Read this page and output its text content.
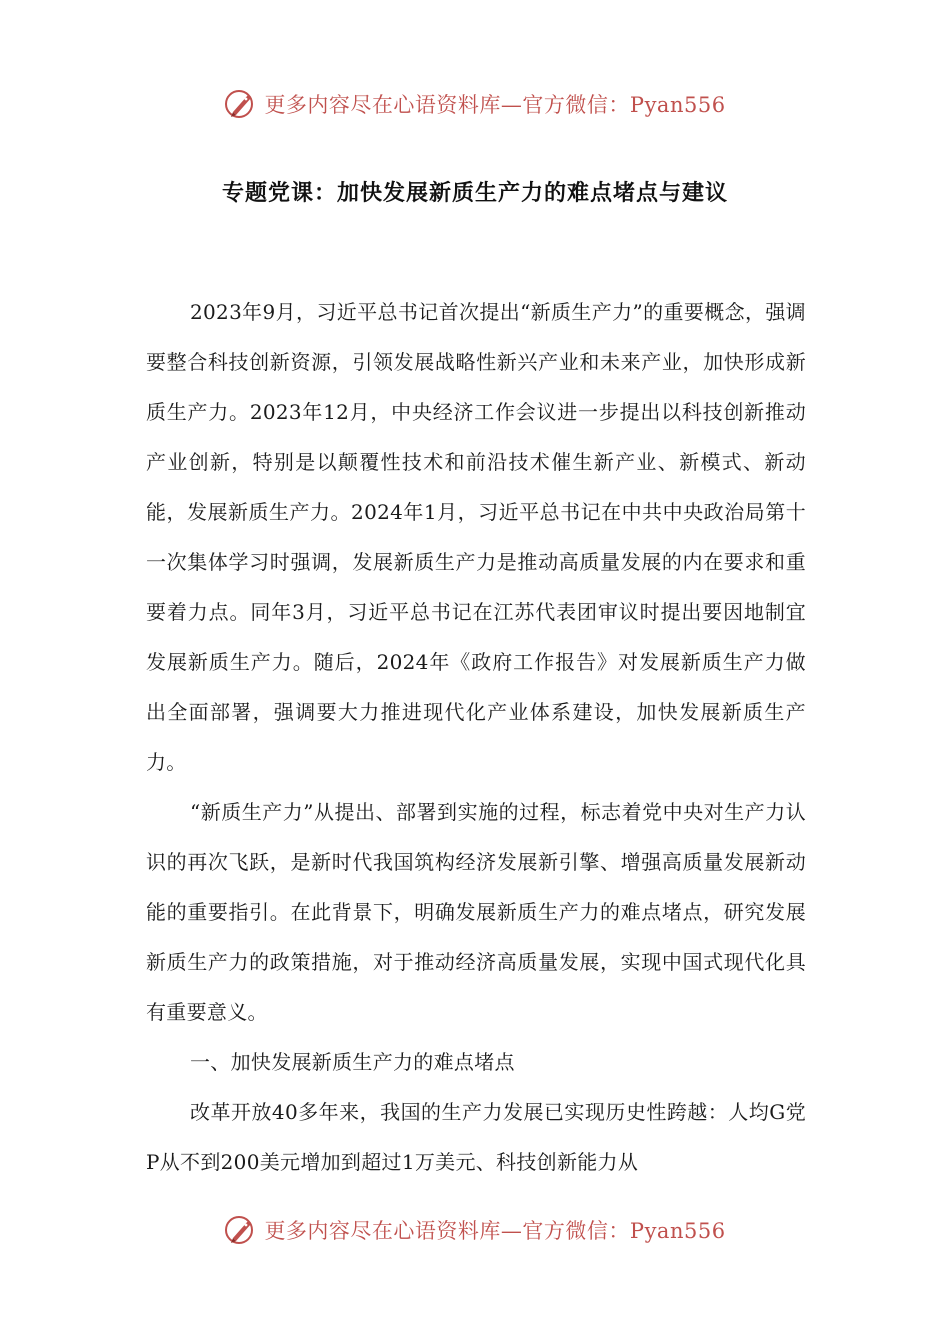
更多内容尽在心语资料库—官方微信：Pyan556
专题党课：加快发展新质生产力的难点堵点与建议

2023年9月，习近平总书记首次提出“新质生产力”的重要概念，强调要整合科技创新资源，引领发展战略性新兴产业和未来产业，加快形成新质生产力。2023年12月，中央经济工作会议进一步提出以科技创新推动产业创新，特别是以颠覆性技术和前沿技术催生新产业、新模式、新动能，发展新质生产力。2024年1月，习近平总书记在中共中央政治局第十一次集体学习时强调，发展新质生产力是推动高质量发展的内在要求和重要着力点。同年3月，习近平总书记在江苏代表团审议时提出要因地制宜发展新质生产力。随后，2024年《政府工作报告》对发展新质生产力做出全面部署，强调要大力推进现代化产业体系建设，加快发展新质生产力。

“新质生产力”从提出、部署到实施的过程，标志着党中央对生产力认识的再次飞跃，是新时代我国筑构经济发展新引擎、增强高质量发展新动能的重要指引。在此背景下，明确发展新质生产力的难点堵点，研究发展新质生产力的政策措施，对于推动经济高质量发展，实现中国式现代化具有重要意义。

一、加快发展新质生产力的难点堵点

改革开放40多年来，我国的生产力发展已实现历史性跨越：人均G党P从不到200美元增加到超过1万美元、科技创新能力从

更多内容尽在心语资料库—官方微信：Pyan556
